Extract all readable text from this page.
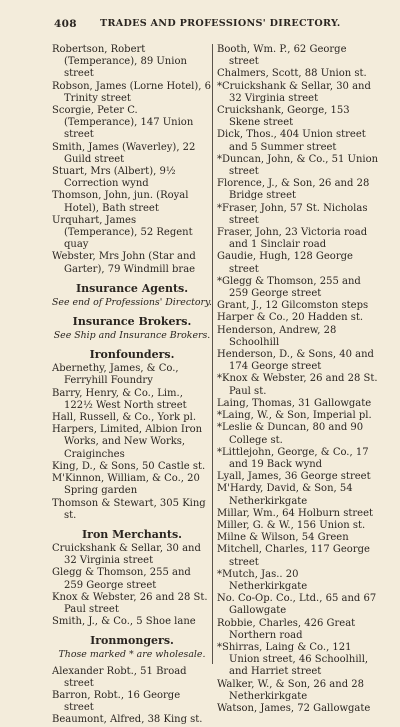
408 TRADES AND PROFESSIONS' DIRECTORY.

Robertson, Robert (Temperance), 89 Union street

Robson, James (Lorne Hotel), 6 Trinity street

Scorgie, Peter C. (Temperance), 147 Union street

Smith, James (Waverley), 22 Guild street

Stuart, Mrs (Albert), 9½ Correction wynd

Thomson, John, jun. (Royal Hotel), Bath street

Urquhart, James (Temperance), 52 Regent quay

Webster, Mrs John (Star and Garter), 79 Windmill brae

Insurance Agents.
See end of Professions' Directory.
Insurance Brokers.
See Ship and Insurance Brokers.
Ironfounders.

Abernethy, James, & Co., Ferryhill Foundry

Barry, Henry, & Co., Lim., 122½ West North street

Hall, Russell, & Co., York pl.

Harpers, Limited, Albion Iron Works, and New Works, Craiginches

King, D., & Sons, 50 Castle st.

M'Kinnon, William, & Co., 20 Spring garden

Thomson & Stewart, 305 King st.

Iron Merchants.

Cruickshank & Sellar, 30 and 32 Virginia street

Glegg & Thomson, 255 and 259 George street

Knox & Webster, 26 and 28 St. Paul street

Smith, J., & Co., 5 Shoe lane

Ironmongers.
Those marked * are wholesale.

Alexander Robt., 51 Broad street

Barron, Robt., 16 George street

Beaumont, Alfred, 38 King st.

Booth, Wm. P., 62 George street

Chalmers, Scott, 88 Union st.

*Cruickshank & Sellar, 30 and 32 Virginia street

Cruickshank, George, 153 Skene street

Dick, Thos., 404 Union street and 5 Summer street

*Duncan, John, & Co., 51 Union street

Florence, J., & Son, 26 and 28 Bridge street

*Fraser, John, 57 St. Nicholas street

Fraser, John, 23 Victoria road and 1 Sinclair road

Gaudie, Hugh, 128 George street

*Glegg & Thomson, 255 and 259 George street

Grant, J., 12 Gilcomston steps

Harper & Co., 20 Hadden st.

Henderson, Andrew, 28 Schoolhill

Henderson, D., & Sons, 40 and 174 George street

*Knox & Webster, 26 and 28 St. Paul st.

Laing, Thomas, 31 Gallowgate

*Laing, W., & Son, Imperial pl.

*Leslie & Duncan, 80 and 90 College st.

*Littlejohn, George, & Co., 17 and 19 Back wynd

Lyall, James, 36 George street

M'Hardy, David, & Son, 54 Netherkirkgate

Millar, Wm., 64 Holburn street

Miller, G. & W., 156 Union st.

Milne & Wilson, 54 Green

Mitchell, Charles, 117 George street

*Mutch, Jas.. 20 Netherkirkgate

No. Co-Op. Co., Ltd., 65 and 67 Gallowgate

Robbie, Charles, 426 Great Northern road

*Shirras, Laing & Co., 121 Union street, 46 Schoolhill, and Harriet street

Walker, W., & Son, 26 and 28 Netherkirkgate

Watson, James, 72 Gallowgate
